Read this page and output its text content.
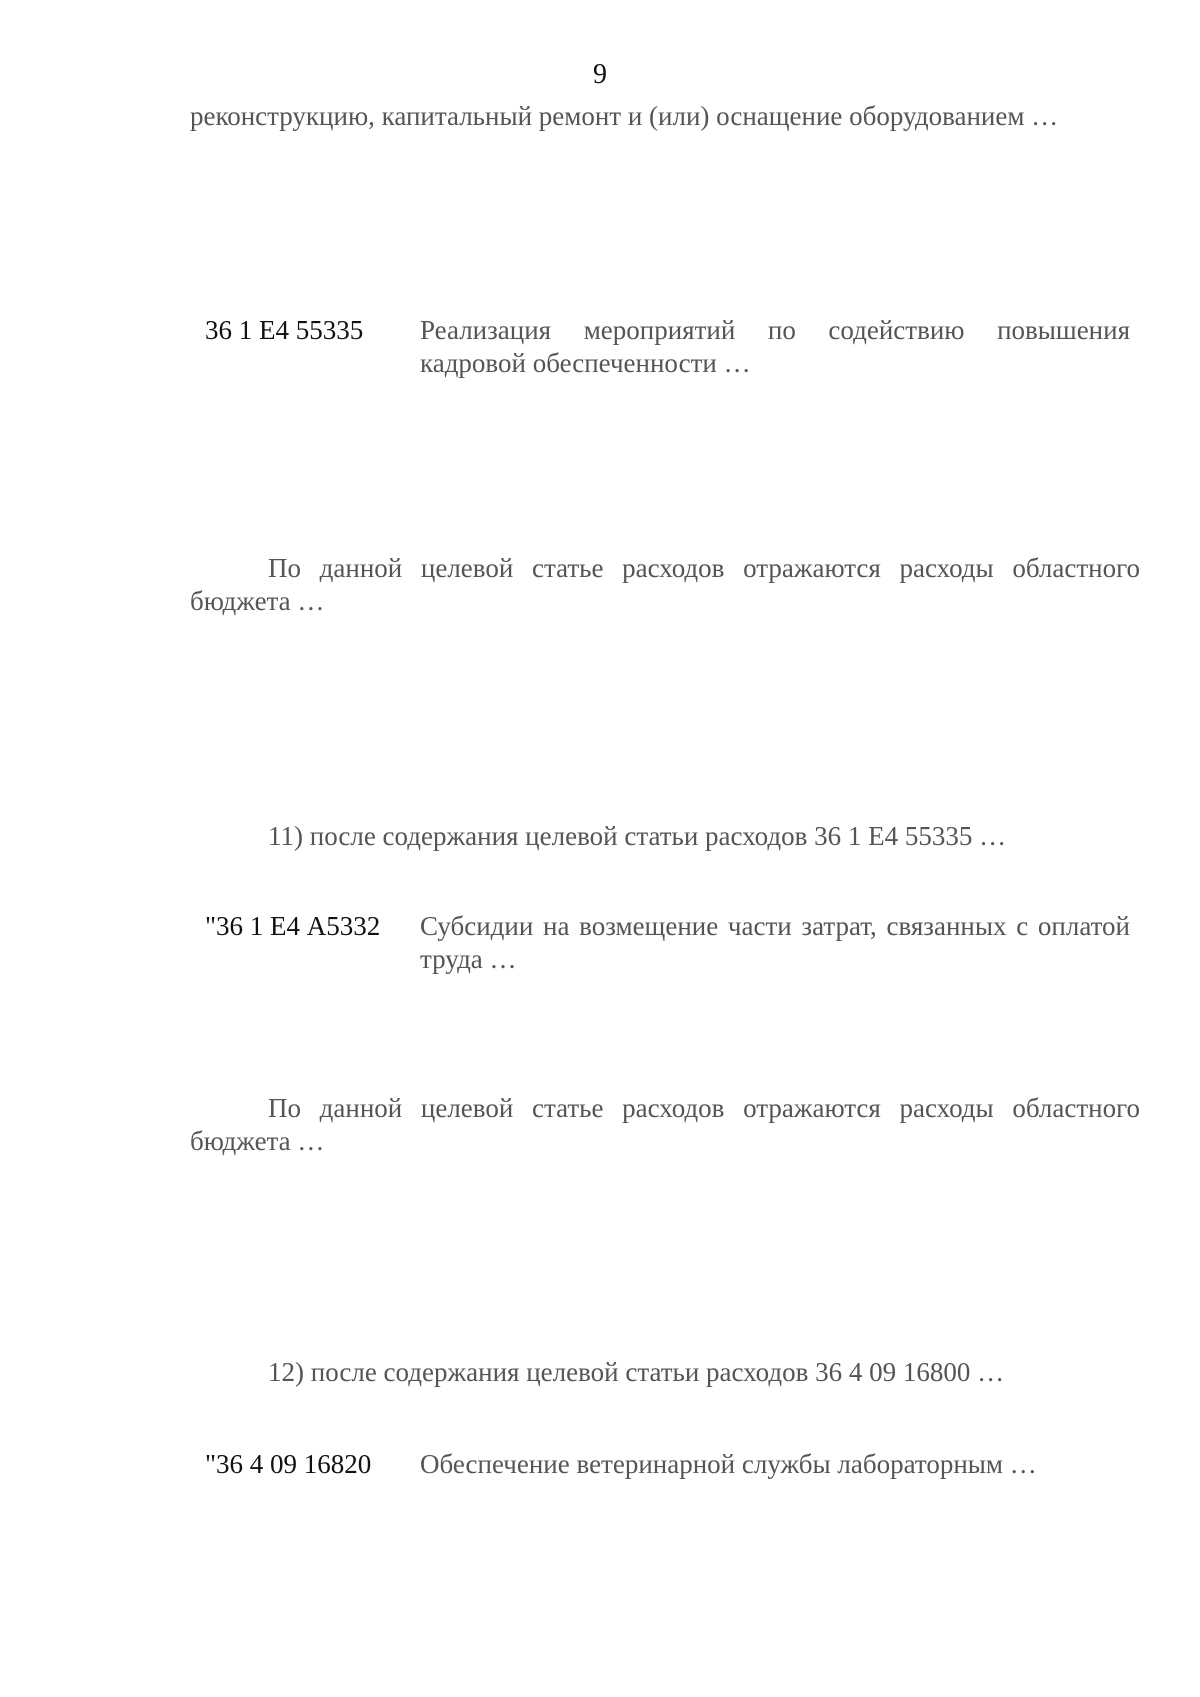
9
реконструкцию, капитальный ремонт и (или) оснащение оборудованием …
36 1 Е4 55335	Реализация мероприятий по содействию повышения кадровой обеспеченности …
По данной целевой статье расходов отражаются расходы областного бюджета …
11) после содержания целевой статьи расходов 36 1 Е4 55335 …
"36 1 Е4 А5332	Субсидии на возмещение части затрат, связанных с оплатой труда …
По данной целевой статье расходов отражаются расходы областного бюджета …
12) после содержания целевой статьи расходов 36 4 09 16800 …
"36 4 09 16820	Обеспечение ветеринарной службы лабораторным …
